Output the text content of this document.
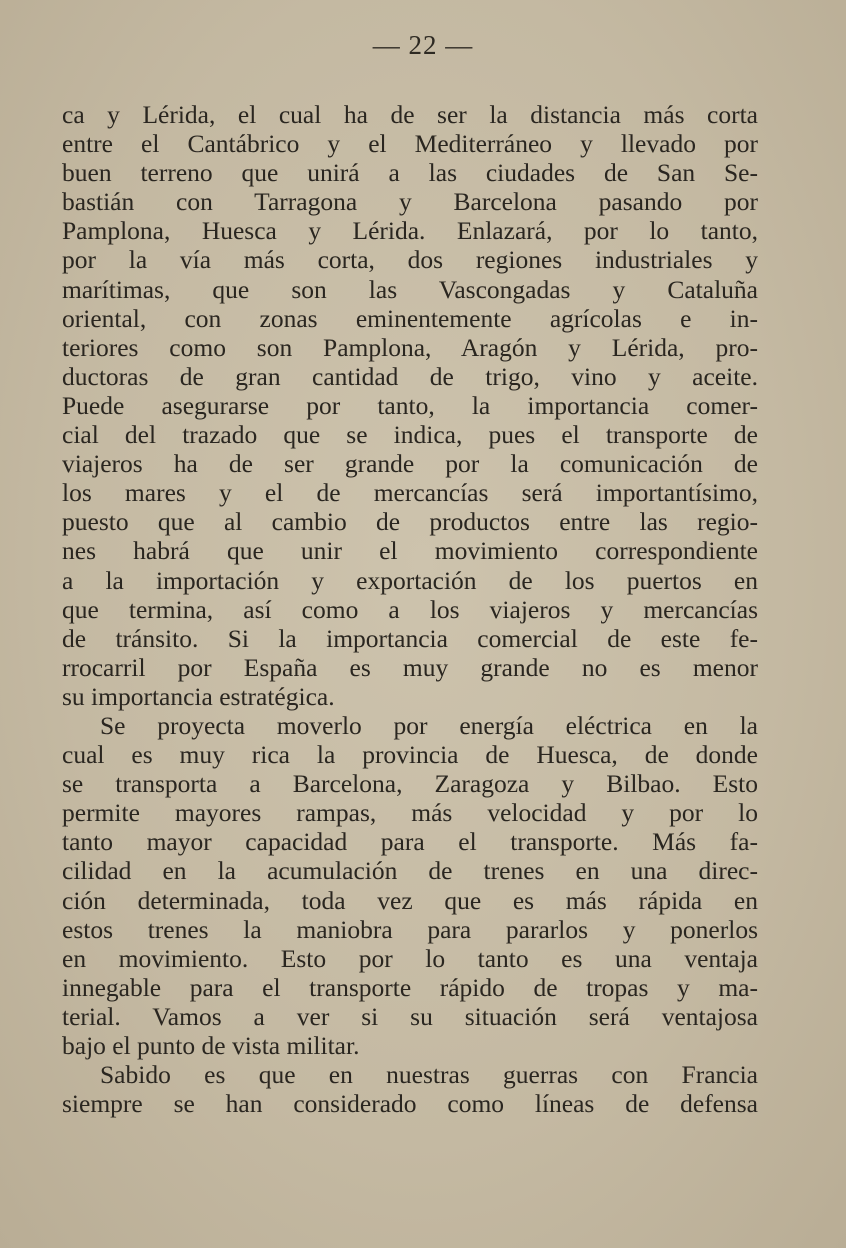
— 22 —
ca y Lérida, el cual ha de ser la distancia más corta
entre el Cantábrico y el Mediterráneo y llevado por
buen terreno que unirá a las ciudades de San Se-
bastián con Tarragona y Barcelona pasando por
Pamplona, Huesca y Lérida. Enlazará, por lo tanto,
por la vía más corta, dos regiones industriales y
marítimas, que son las Vascongadas y Cataluña
oriental, con zonas eminentemente agrícolas e in-
teriores como son Pamplona, Aragón y Lérida, pro-
ductoras de gran cantidad de trigo, vino y aceite.
Puede asegurarse por tanto, la importancia comer-
cial del trazado que se indica, pues el transporte de
viajeros ha de ser grande por la comunicación de
los mares y el de mercancías será importantísimo,
puesto que al cambio de productos entre las regio-
nes habrá que unir el movimiento correspondiente
a la importación y exportación de los puertos en
que termina, así como a los viajeros y mercancías
de tránsito. Si la importancia comercial de este fe-
rrocarril por España es muy grande no es menor
su importancia estratégica.
Se proyecta moverlo por energía eléctrica en la
cual es muy rica la provincia de Huesca, de donde
se transporta a Barcelona, Zaragoza y Bilbao. Esto
permite mayores rampas, más velocidad y por lo
tanto mayor capacidad para el transporte. Más fa-
cilidad en la acumulación de trenes en una direc-
ción determinada, toda vez que es más rápida en
estos trenes la maniobra para pararlos y ponerlos
en movimiento. Esto por lo tanto es una ventaja
innegable para el transporte rápido de tropas y ma-
terial. Vamos a ver si su situación será ventajosa
bajo el punto de vista militar.
Sabido es que en nuestras guerras con Francia
siempre se han considerado como líneas de defensa
